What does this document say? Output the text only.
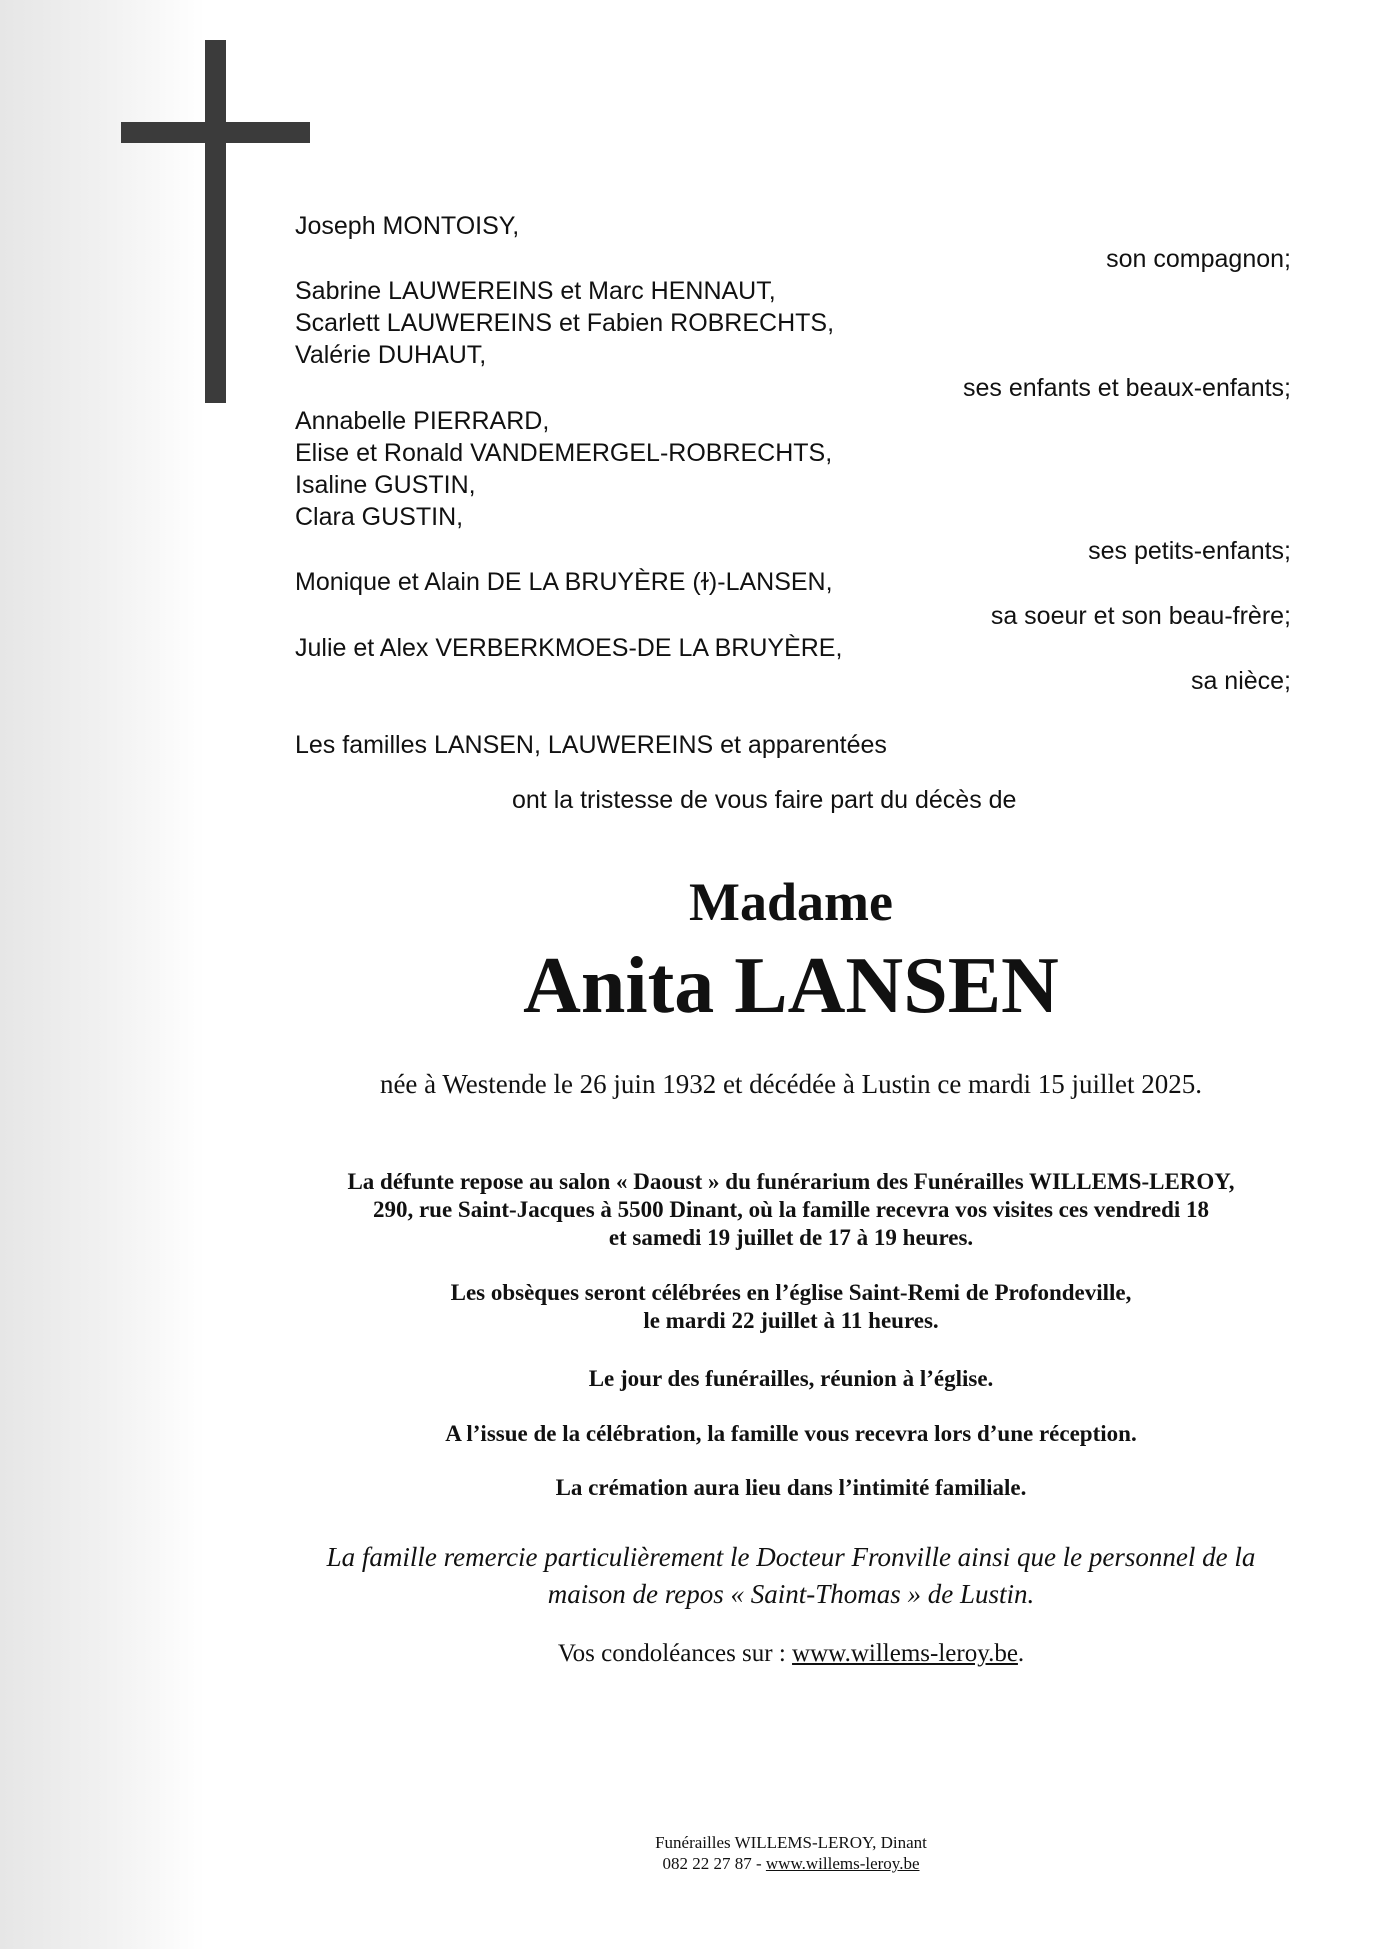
Joseph MONTOISY,
son compagnon;
Sabrine LAUWEREINS et Marc HENNAUT,
Scarlett LAUWEREINS et Fabien ROBRECHTS,
Valérie DUHAUT,
ses enfants et beaux-enfants;
Annabelle PIERRARD,
Elise et Ronald VANDEMERGEL-ROBRECHTS,
Isaline GUSTIN,
Clara GUSTIN,
ses petits-enfants;
Monique et Alain DE LA BRUYÈRE (ɫ)-LANSEN,
sa soeur et son beau-frère;
Julie et Alex VERBERKMOES-DE LA BRUYÈRE,
sa nièce;
Les familles LANSEN, LAUWEREINS et apparentées
ont la tristesse de vous faire part du décès de
Madame
Anita LANSEN
née à Westende le 26 juin 1932 et décédée à Lustin ce mardi 15 juillet 2025.
La défunte repose au salon « Daoust » du funérarium des Funérailles WILLEMS-LEROY,
290, rue Saint-Jacques à 5500 Dinant, où la famille recevra vos visites ces vendredi 18
et samedi 19 juillet de 17 à 19 heures.
Les obsèques seront célébrées en l’église Saint-Remi de Profondeville,
le mardi 22 juillet à 11 heures.
Le jour des funérailles, réunion à l’église.
A l’issue de la célébration, la famille vous recevra lors d’une réception.
La crémation aura lieu dans l’intimité familiale.
La famille remercie particulièrement le Docteur Fronville ainsi que le personnel de la
maison de repos « Saint-Thomas » de Lustin.
Vos condoléances sur : www.willems-leroy.be.
Funérailles WILLEMS-LEROY, Dinant
082 22 27 87 - www.willems-leroy.be
